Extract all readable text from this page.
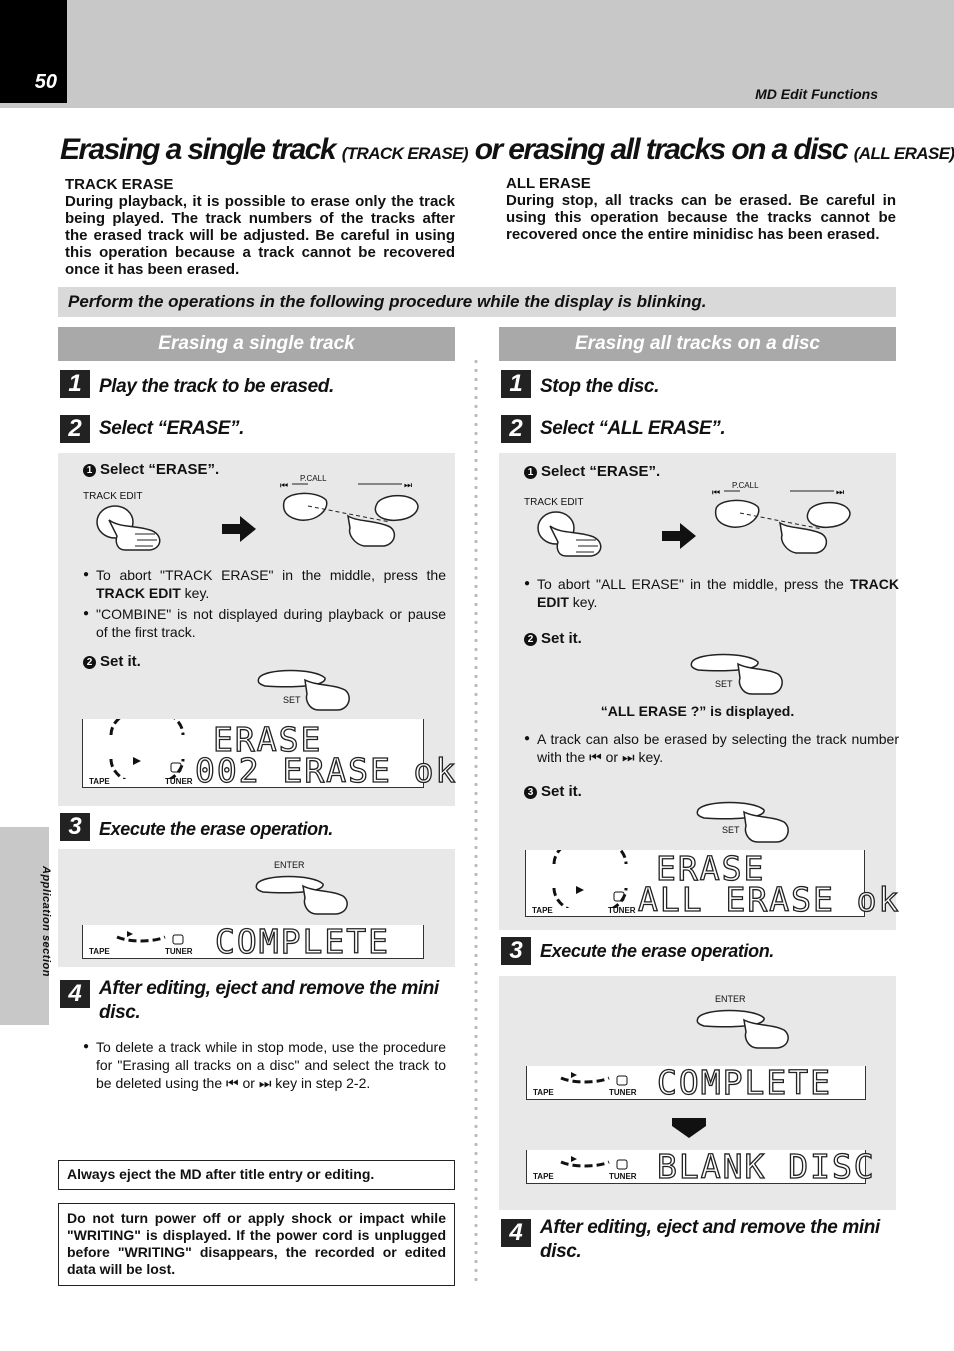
50
MD Edit Functions
Application section
Erasing a single track (TRACK ERASE) or erasing all tracks on a disc (ALL ERASE)
TRACK ERASE
During playback, it is possible to erase only the track being played. The track numbers of the tracks after the erased track will be adjusted. Be careful in using this operation because a track cannot be recovered once it has been erased.
ALL ERASE
During stop, all tracks can be erased. Be careful in using this operation because the tracks cannot be recovered once the entire minidisc has been erased.
Perform the operations in the following procedure while the display is blinking.
Erasing a single track
1 Play the track to be erased.
2 Select “ERASE”.
1 Select “ERASE”.
TRACK EDIT
P.CALL
⏮	⏭
● To abort "TRACK ERASE" in the middle, press the TRACK EDIT key.
● "COMBINE" is not displayed during playback or pause of the first track.
2 Set it.
SET
ERASE
002 ERASE ok
TAPE	TUNER
3 Execute the erase operation.
ENTER
COMPLETE
TAPE	TUNER
4 After editing, eject and remove the mini disc.
● To delete a track while in stop mode, use the procedure for "Erasing all tracks on a disc" and select the track to be deleted using the ⏮ or ⏭ key in step 2-2.
Always eject the MD after title entry or editing.
Do not turn power off or apply shock or impact while "WRITING" is displayed. If the power cord is unplugged before "WRITING" disappears, the recorded or edited data will be lost.
Erasing all tracks on a disc
1 Stop the disc.
2 Select “ALL ERASE”.
1 Select “ERASE”.
TRACK EDIT
P.CALL
⏮	⏭
● To abort "ALL ERASE" in the middle, press the TRACK EDIT key.
2 Set it.
SET
“ALL ERASE ?” is displayed.
● A track can also be erased by selecting the track number with the ⏮ or ⏭ key.
3 Set it.
SET
ERASE
ALL ERASE ok
TAPE	TUNER
3 Execute the erase operation.
ENTER
COMPLETE
TAPE	TUNER
BLANK DISC
TAPE	TUNER
4 After editing, eject and remove the mini disc.
